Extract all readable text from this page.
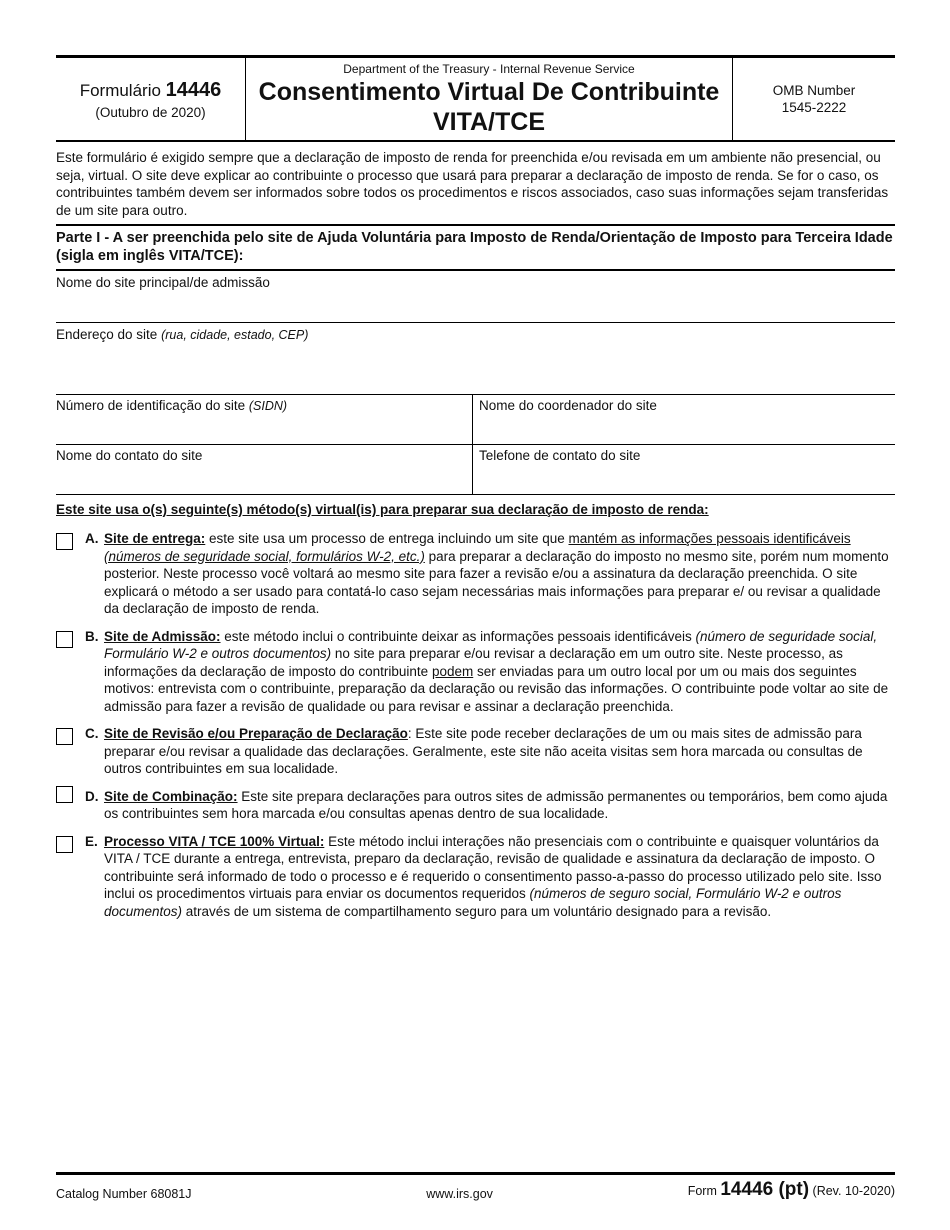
Formulário 14446
(Outubro de 2020)
Department of the Treasury - Internal Revenue Service
Consentimento Virtual De Contribuinte
VITA/TCE
OMB Number
1545-2222
Este formulário é exigido sempre que a declaração de imposto de renda for preenchida e/ou revisada em um ambiente não presencial, ou seja, virtual. O site deve explicar ao contribuinte o processo que usará para preparar a declaração de imposto de renda. Se for o caso, os contribuintes também devem ser informados sobre todos os procedimentos e riscos associados, caso suas informações sejam transferidas de um site para outro.
Parte I - A ser preenchida pelo site de Ajuda Voluntária para Imposto de Renda/Orientação de Imposto para Terceira Idade (sigla em inglês VITA/TCE):
Nome do site principal/de admissão
Endereço do site (rua, cidade, estado, CEP)
Número de identificação do site (SIDN)	Nome do coordenador do site
Nome do contato do site	Telefone de contato do site
Este site usa o(s) seguinte(s) método(s) virtual(is) para preparar sua declaração de imposto de renda:
A. Site de entrega: este site usa um processo de entrega incluindo um site que mantém as informações pessoais identificáveis (números de seguridade social, formulários W-2, etc.) para preparar a declaração do imposto no mesmo site, porém num momento posterior. Neste processo você voltará ao mesmo site para fazer a revisão e/ou a assinatura da declaração preenchida. O site explicará o método a ser usado para contatá-lo caso sejam necessárias mais informações para preparar e/ ou revisar a qualidade da declaração de imposto de renda.
B. Site de Admissão: este método inclui o contribuinte deixar as informações pessoais identificáveis (número de seguridade social, Formulário W-2 e outros documentos) no site para preparar e/ou revisar a declaração em um outro site. Neste processo, as informações da declaração de imposto do contribuinte podem ser enviadas para um outro local por um ou mais dos seguintes motivos: entrevista com o contribuinte, preparação da declaração ou revisão das informações. O contribuinte pode voltar ao site de admissão para fazer a revisão de qualidade ou para revisar e assinar a declaração preenchida.
C. Site de Revisão e/ou Preparação de Declaração: Este site pode receber declarações de um ou mais sites de admissão para preparar e/ou revisar a qualidade das declarações. Geralmente, este site não aceita visitas sem hora marcada ou consultas de outros contribuintes em sua localidade.
D. Site de Combinação: Este site prepara declarações para outros sites de admissão permanentes ou temporários, bem como ajuda os contribuintes sem hora marcada e/ou consultas apenas dentro de sua localidade.
E. Processo VITA / TCE 100% Virtual: Este método inclui interações não presenciais com o contribuinte e quaisquer voluntários da VITA / TCE durante a entrega, entrevista, preparo da declaração, revisão de qualidade e assinatura da declaração de imposto. O contribuinte será informado de todo o processo e é requerido o consentimento passo-a-passo do processo utilizado pelo site. Isso inclui os procedimentos virtuais para enviar os documentos requeridos (números de seguro social, Formulário W-2 e outros documentos) através de um sistema de compartilhamento seguro para um voluntário designado para a revisão.
Catalog Number 68081J	www.irs.gov	Form 14446 (pt) (Rev. 10-2020)
